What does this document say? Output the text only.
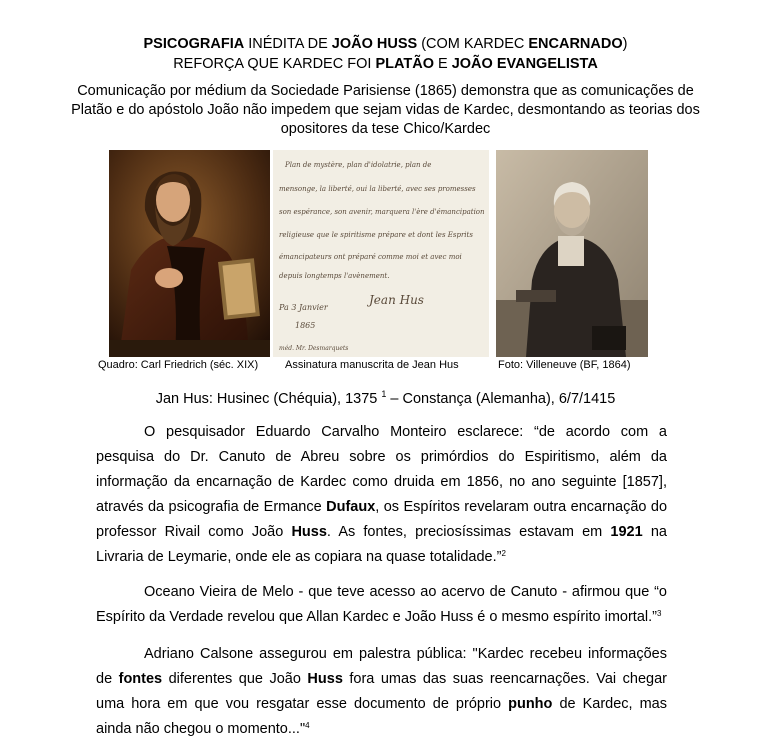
PSICOGRAFIA INÉDITA DE JOÃO HUSS (COM KARDEC ENCARNADO)
REFORÇA QUE KARDEC FOI PLATÃO E JOÃO EVANGELISTA
Comunicação por médium da Sociedade Parisiense (1865) demonstra que as comunicações de Platão e do apóstolo João não impedem que sejam vidas de Kardec, desmontando as teorias dos opositores da tese Chico/Kardec
Plan de mystère, plan d'idolatrie, plan de
mensonge, la liberté, oui la liberté, avec ses promesses
son espérance, son avenir, marquera l'ère d'émancipation
religieuse que le spiritisme prépare et dont les Esprits
émancipateurs ont préparé comme moi et avec moi
depuis longtemps l'avènement.
Jean Hus
Pa 3 Janvier
1865
méd. Mr. Desmarquets
Quadro: Carl Friedrich (séc. XIX) Assinatura manuscrita de Jean Hus	Foto: Villeneuve (BF, 1864)
Jan Hus: Husinec (Chéquia), 1375 $^1$ – Constança (Alemanha), 6/7/1415
O pesquisador Eduardo Carvalho Monteiro esclarece: “de acordo com a pesquisa do Dr. Canuto de Abreu sobre os primórdios do Espiritismo, além da informação da encarnação de Kardec como druida em 1856, no ano seguinte [1857], através da psicografia de Ermance Dufaux, os Espíritos revelaram outra encarnação do professor Rivail como João Huss. As fontes, preciosíssimas estavam em 1921 na Livraria de Leymarie, onde ele as copiara na quase totalidade.”$^2$
Oceano Vieira de Melo - que teve acesso ao acervo de Canuto - afirmou que “o Espírito da Verdade revelou que Allan Kardec e João Huss é o mesmo espírito imortal.”$^3$
Adriano Calsone assegurou em palestra pública: "Kardec recebeu informações de fontes diferentes que João Huss fora umas das suas reencarnações. Vai chegar uma hora em que vou resgatar esse documento de próprio punho de Kardec, mas ainda não chegou o momento..."$^4$
